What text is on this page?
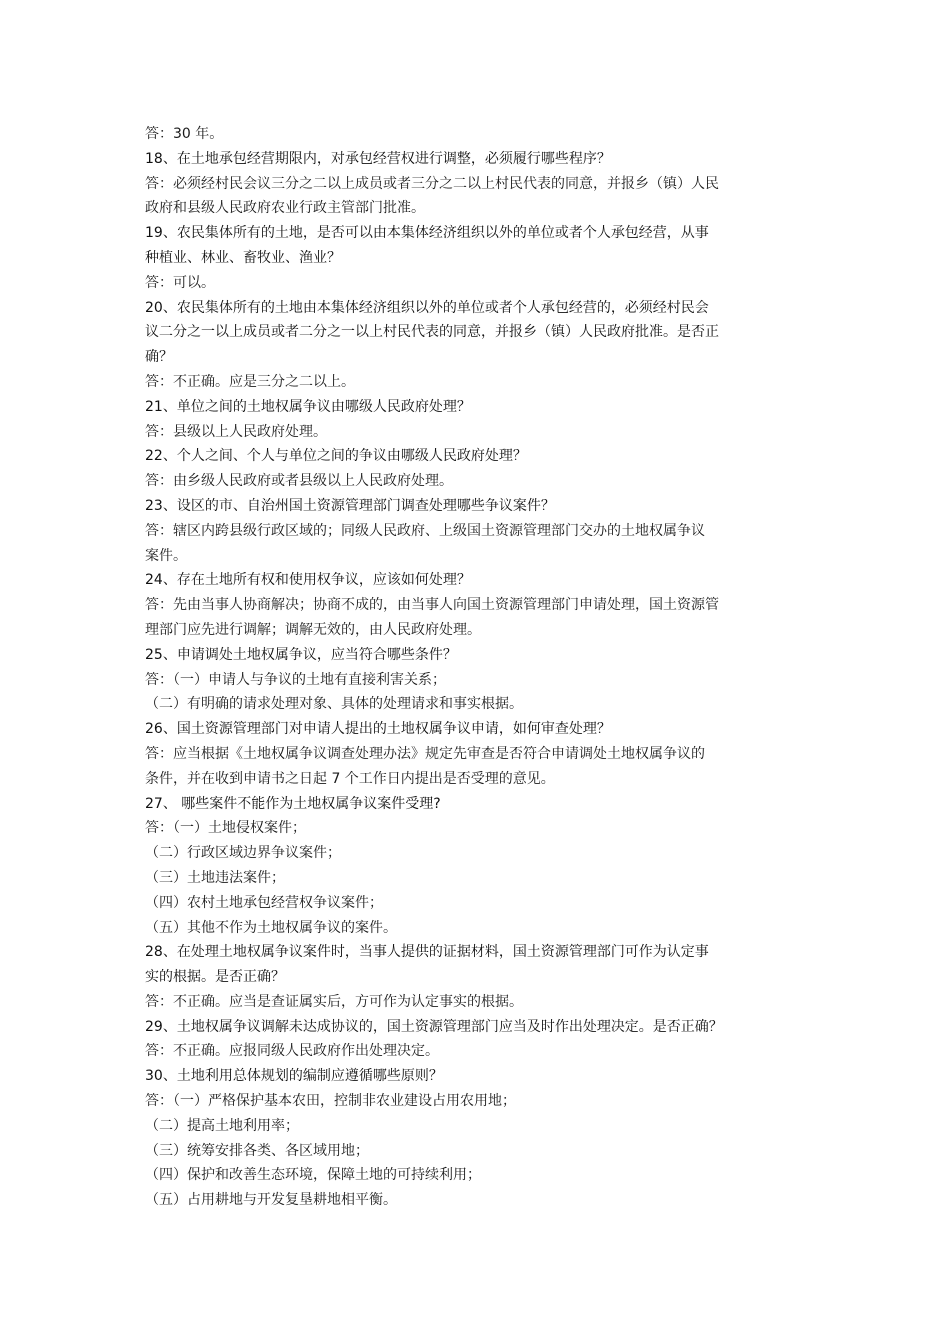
答：30 年。
18、在土地承包经营期限内，对承包经营权进行调整，必须履行哪些程序？
答：必须经村民会议三分之二以上成员或者三分之二以上村民代表的同意，并报乡（镇）人民
政府和县级人民政府农业行政主管部门批准。
19、农民集体所有的土地，是否可以由本集体经济组织以外的单位或者个人承包经营，从事
种植业、林业、畜牧业、渔业？
答：可以。
20、农民集体所有的土地由本集体经济组织以外的单位或者个人承包经营的，必须经村民会
议二分之一以上成员或者二分之一以上村民代表的同意，并报乡（镇）人民政府批准。是否正
确？
答：不正确。应是三分之二以上。
21、单位之间的土地权属争议由哪级人民政府处理？
答：县级以上人民政府处理。
22、个人之间、个人与单位之间的争议由哪级人民政府处理？
答：由乡级人民政府或者县级以上人民政府处理。
23、设区的市、自治州国土资源管理部门调查处理哪些争议案件？
答：辖区内跨县级行政区域的；同级人民政府、上级国土资源管理部门交办的土地权属争议
案件。
24、存在土地所有权和使用权争议，应该如何处理？
答：先由当事人协商解决；协商不成的，由当事人向国土资源管理部门申请处理，国土资源管
理部门应先进行调解；调解无效的，由人民政府处理。
25、申请调处土地权属争议，应当符合哪些条件？
答：（一）申请人与争议的土地有直接利害关系；
（二）有明确的请求处理对象、具体的处理请求和事实根据。
26、国土资源管理部门对申请人提出的土地权属争议申请，如何审查处理？
答：应当根据《土地权属争议调查处理办法》规定先审查是否符合申请调处土地权属争议的
条件，并在收到申请书之日起 7 个工作日内提出是否受理的意见。
27、 哪些案件不能作为土地权属争议案件受理?
答：（一）土地侵权案件；
（二）行政区域边界争议案件；
（三）土地违法案件；
（四）农村土地承包经营权争议案件；
（五）其他不作为土地权属争议的案件。
28、在处理土地权属争议案件时，当事人提供的证据材料，国土资源管理部门可作为认定事
实的根据。是否正确？
答：不正确。应当是查证属实后，方可作为认定事实的根据。
29、土地权属争议调解未达成协议的，国土资源管理部门应当及时作出处理决定。是否正确？
答：不正确。应报同级人民政府作出处理决定。
30、土地利用总体规划的编制应遵循哪些原则？
答：（一）严格保护基本农田，控制非农业建设占用农用地；
（二）提高土地利用率；
（三）统筹安排各类、各区域用地；
（四）保护和改善生态环境，保障土地的可持续利用；
（五）占用耕地与开发复垦耕地相平衡。
